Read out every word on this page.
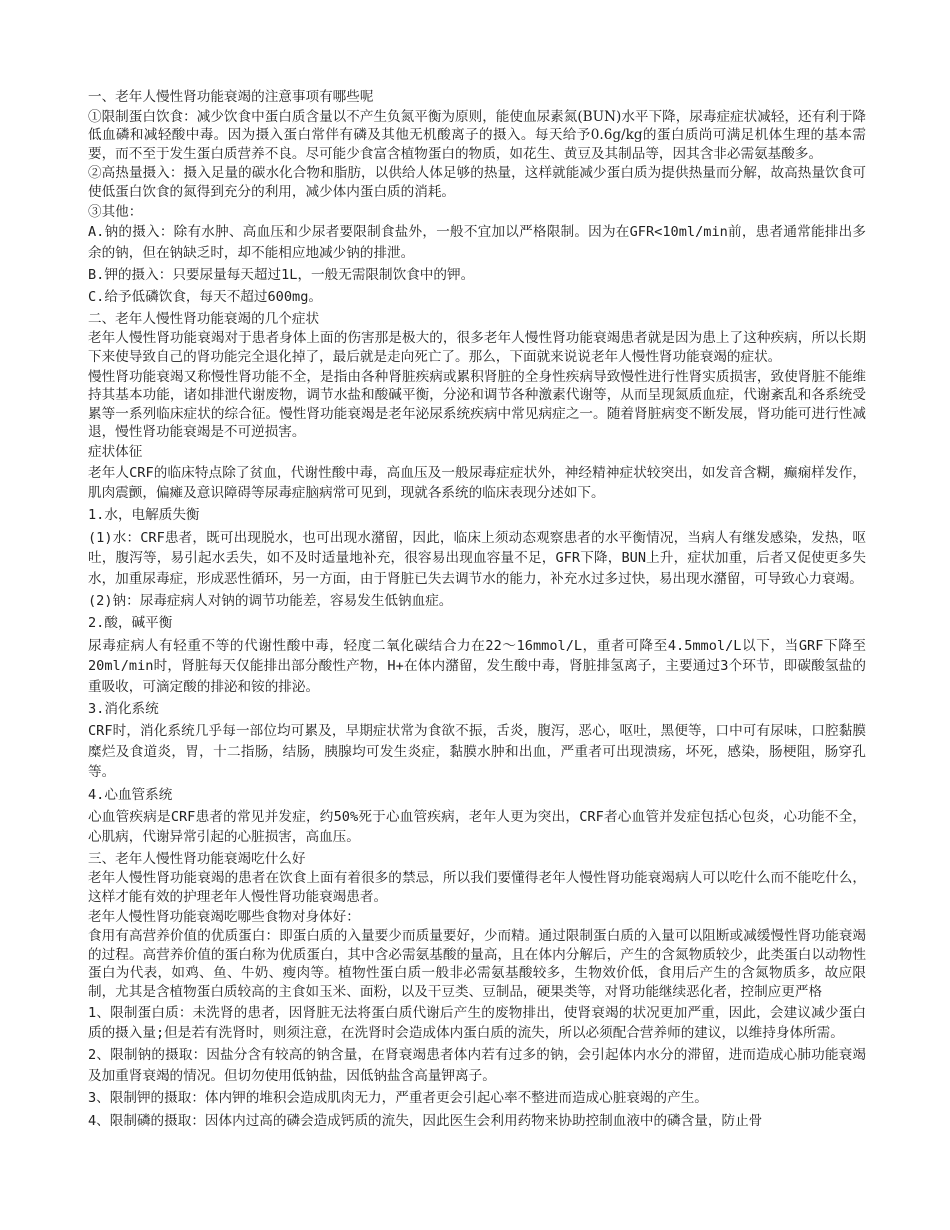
一、老年人慢性肾功能衰竭的注意事项有哪些呢

①限制蛋白饮食：减少饮食中蛋白质含量以不产生负氮平衡为原则，能使血尿素氮(BUN)水平下降，尿毒症症状减轻，还有利于降低血磷和减轻酸中毒。因为摄入蛋白常伴有磷及其他无机酸离子的摄入。每天给予0.6g/kg的蛋白质尚可满足机体生理的基本需要，而不至于发生蛋白质营养不良。尽可能少食富含植物蛋白的物质，如花生、黄豆及其制品等，因其含非必需氨基酸多。

②高热量摄入：摄入足量的碳水化合物和脂肪，以供给人体足够的热量，这样就能减少蛋白质为提供热量而分解，故高热量饮食可使低蛋白饮食的氮得到充分的利用，减少体内蛋白质的消耗。

③其他：

A.钠的摄入：除有水肿、高血压和少尿者要限制食盐外，一般不宜加以严格限制。因为在GFR<10ml/min前，患者通常能排出多余的钠，但在钠缺乏时，却不能相应地减少钠的排泄。

B.钾的摄入：只要尿量每天超过1L，一般无需限制饮食中的钾。

C.给予低磷饮食，每天不超过600mg。

二、老年人慢性肾功能衰竭的几个症状

老年人慢性肾功能衰竭对于患者身体上面的伤害那是极大的，很多老年人慢性肾功能衰竭患者就是因为患上了这种疾病，所以长期下来使导致自己的肾功能完全退化掉了，最后就是走向死亡了。那么，下面就来说说老年人慢性肾功能衰竭的症状。

慢性肾功能衰竭又称慢性肾功能不全，是指由各种肾脏疾病或累积肾脏的全身性疾病导致慢性进行性肾实质损害，致使肾脏不能维持其基本功能，诸如排泄代谢废物，调节水盐和酸碱平衡，分泌和调节各种激素代谢等，从而呈现氮质血症，代谢紊乱和各系统受累等一系列临床症状的综合征。慢性肾功能衰竭是老年泌尿系统疾病中常见病症之一。随着肾脏病变不断发展，肾功能可进行性减退，慢性肾功能衰竭是不可逆损害。

症状体征

老年人CRF的临床特点除了贫血，代谢性酸中毒，高血压及一般尿毒症症状外，神经精神症状较突出，如发音含糊，癫痫样发作，肌肉震颤，偏瘫及意识障碍等尿毒症脑病常可见到，现就各系统的临床表现分述如下。

1.水，电解质失衡

(1)水：CRF患者，既可出现脱水，也可出现水潴留，因此，临床上须动态观察患者的水平衡情况，当病人有继发感染，发热，呕吐，腹泻等，易引起水丢失，如不及时适量地补充，很容易出现血容量不足，GFR下降，BUN上升，症状加重，后者又促使更多失水，加重尿毒症，形成恶性循环，另一方面，由于肾脏已失去调节水的能力，补充水过多过快，易出现水潴留，可导致心力衰竭。

(2)钠：尿毒症病人对钠的调节功能差，容易发生低钠血症。

2.酸，碱平衡

尿毒症病人有轻重不等的代谢性酸中毒，轻度二氧化碳结合力在22～16mmol/L，重者可降至4.5mmol/L以下，当GRF下降至20ml/min时，肾脏每天仅能排出部分酸性产物，H+在体内潴留，发生酸中毒，肾脏排氢离子，主要通过3个环节，即碳酸氢盐的重吸收，可滴定酸的排泌和铵的排泌。

3.消化系统

CRF时，消化系统几乎每一部位均可累及，早期症状常为食欲不振，舌炎，腹泻，恶心，呕吐，黑便等，口中可有尿味，口腔黏膜糜烂及食道炎，胃，十二指肠，结肠，胰腺均可发生炎症，黏膜水肿和出血，严重者可出现溃疡，坏死，感染，肠梗阻，肠穿孔等。

4.心血管系统

心血管疾病是CRF患者的常见并发症，约50%死于心血管疾病，老年人更为突出，CRF者心血管并发症包括心包炎，心功能不全，心肌病，代谢异常引起的心脏损害，高血压。

三、老年人慢性肾功能衰竭吃什么好

老年人慢性肾功能衰竭的患者在饮食上面有着很多的禁忌，所以我们要懂得老年人慢性肾功能衰竭病人可以吃什么而不能吃什么，这样才能有效的护理老年人慢性肾功能衰竭患者。

老年人慢性肾功能衰竭吃哪些食物对身体好：

食用有高营养价值的优质蛋白：即蛋白质的入量要少而质量要好，少而精。通过限制蛋白质的入量可以阻断或减缓慢性肾功能衰竭的过程。高营养价值的蛋白称为优质蛋白，其中含必需氨基酸的量高，且在体内分解后，产生的含氮物质较少，此类蛋白以动物性蛋白为代表，如鸡、鱼、牛奶、瘦肉等。植物性蛋白质一般非必需氨基酸较多，生物效价低，食用后产生的含氮物质多，故应限制，尤其是含植物蛋白质较高的主食如玉米、面粉，以及干豆类、豆制品，硬果类等，对肾功能继续恶化者，控制应更严格

1、限制蛋白质：未洗肾的患者，因肾脏无法将蛋白质代谢后产生的废物排出，使肾衰竭的状况更加严重，因此，会建议减少蛋白质的摄入量;但是若有洗肾时，则须注意，在洗肾时会造成体内蛋白质的流失，所以必须配合营养师的建议，以维持身体所需。

2、限制钠的摄取：因盐分含有较高的钠含量，在肾衰竭患者体内若有过多的钠，会引起体内水分的滞留，进而造成心肺功能衰竭及加重肾衰竭的情况。但切勿使用低钠盐，因低钠盐含高量钾离子。

3、限制钾的摄取：体内钾的堆积会造成肌肉无力，严重者更会引起心率不整进而造成心脏衰竭的产生。

4、限制磷的摄取：因体内过高的磷会造成钙质的流失，因此医生会利用药物来协助控制血液中的磷含量，防止骨
